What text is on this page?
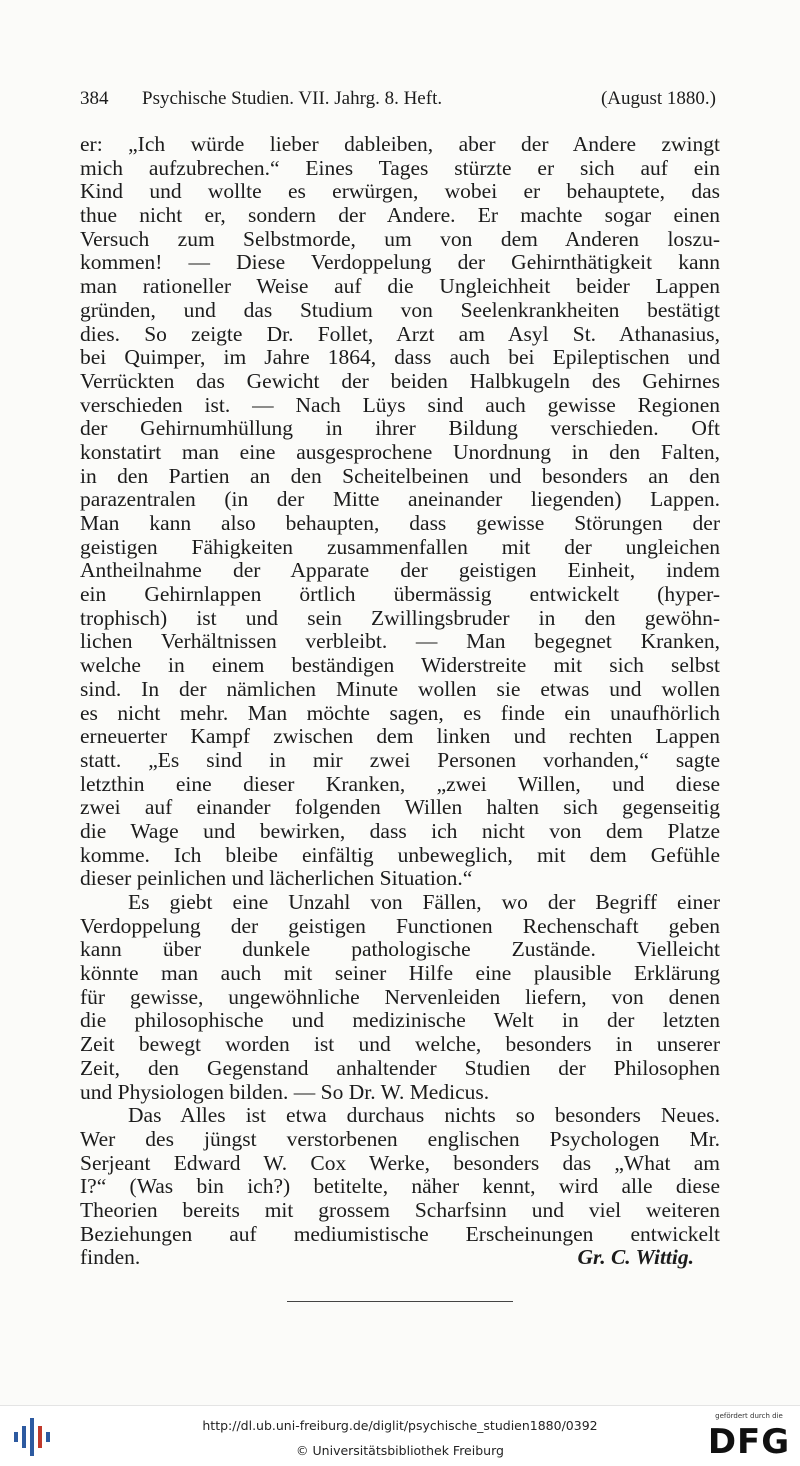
384 Psychische Studien. VII. Jahrg. 8. Heft.	(August 1880.)
er: „Ich würde lieber dableiben, aber der Andere zwingt
mich aufzubrechen.“ Eines Tages stürzte er sich auf ein
Kind und wollte es erwürgen, wobei er behauptete, das
thue nicht er, sondern der Andere. Er machte sogar einen
Versuch zum Selbstmorde, um von dem Anderen loszu-
kommen! — Diese Verdoppelung der Gehirnthätigkeit kann
man rationeller Weise auf die Ungleichheit beider Lappen
gründen, und das Studium von Seelenkrankheiten bestätigt
dies. So zeigte Dr. Follet, Arzt am Asyl St. Athanasius,
bei Quimper, im Jahre 1864, dass auch bei Epileptischen und
Verrückten das Gewicht der beiden Halbkugeln des Gehirnes
verschieden ist. — Nach Lüys sind auch gewisse Regionen
der Gehirnumhüllung in ihrer Bildung verschieden. Oft
konstatirt man eine ausgesprochene Unordnung in den Falten,
in den Partien an den Scheitelbeinen und besonders an den
parazentralen (in der Mitte aneinander liegenden) Lappen.
Man kann also behaupten, dass gewisse Störungen der
geistigen Fähigkeiten zusammenfallen mit der ungleichen
Antheilnahme der Apparate der geistigen Einheit, indem
ein Gehirnlappen örtlich übermässig entwickelt (hyper-
trophisch) ist und sein Zwillingsbruder in den gewöhn-
lichen Verhältnissen verbleibt. — Man begegnet Kranken,
welche in einem beständigen Widerstreite mit sich selbst
sind. In der nämlichen Minute wollen sie etwas und wollen
es nicht mehr. Man möchte sagen, es finde ein unaufhörlich
erneuerter Kampf zwischen dem linken und rechten Lappen
statt. „Es sind in mir zwei Personen vorhanden,“ sagte
letzthin eine dieser Kranken, „zwei Willen, und diese
zwei auf einander folgenden Willen halten sich gegenseitig
die Wage und bewirken, dass ich nicht von dem Platze
komme. Ich bleibe einfältig unbeweglich, mit dem Gefühle
dieser peinlichen und lächerlichen Situation.“
Es giebt eine Unzahl von Fällen, wo der Begriff einer
Verdoppelung der geistigen Functionen Rechenschaft geben
kann über dunkele pathologische Zustände. Vielleicht
könnte man auch mit seiner Hilfe eine plausible Erklärung
für gewisse, ungewöhnliche Nervenleiden liefern, von denen
die philosophische und medizinische Welt in der letzten
Zeit bewegt worden ist und welche, besonders in unserer
Zeit, den Gegenstand anhaltender Studien der Philosophen
und Physiologen bilden. — So Dr. W. Medicus.
Das Alles ist etwa durchaus nichts so besonders Neues.
Wer des jüngst verstorbenen englischen Psychologen Mr.
Serjeant Edward W. Cox Werke, besonders das „What am
I?“ (Was bin ich?) betitelte, näher kennt, wird alle diese
Theorien bereits mit grossem Scharfsinn und viel weiteren
Beziehungen auf mediumistische Erscheinungen entwickelt
finden.	Gr. C. Wittig.
http://dl.ub.uni-freiburg.de/diglit/psychische_studien1880/0392
© Universitätsbibliothek Freiburg
gefördert durch die
DFG
